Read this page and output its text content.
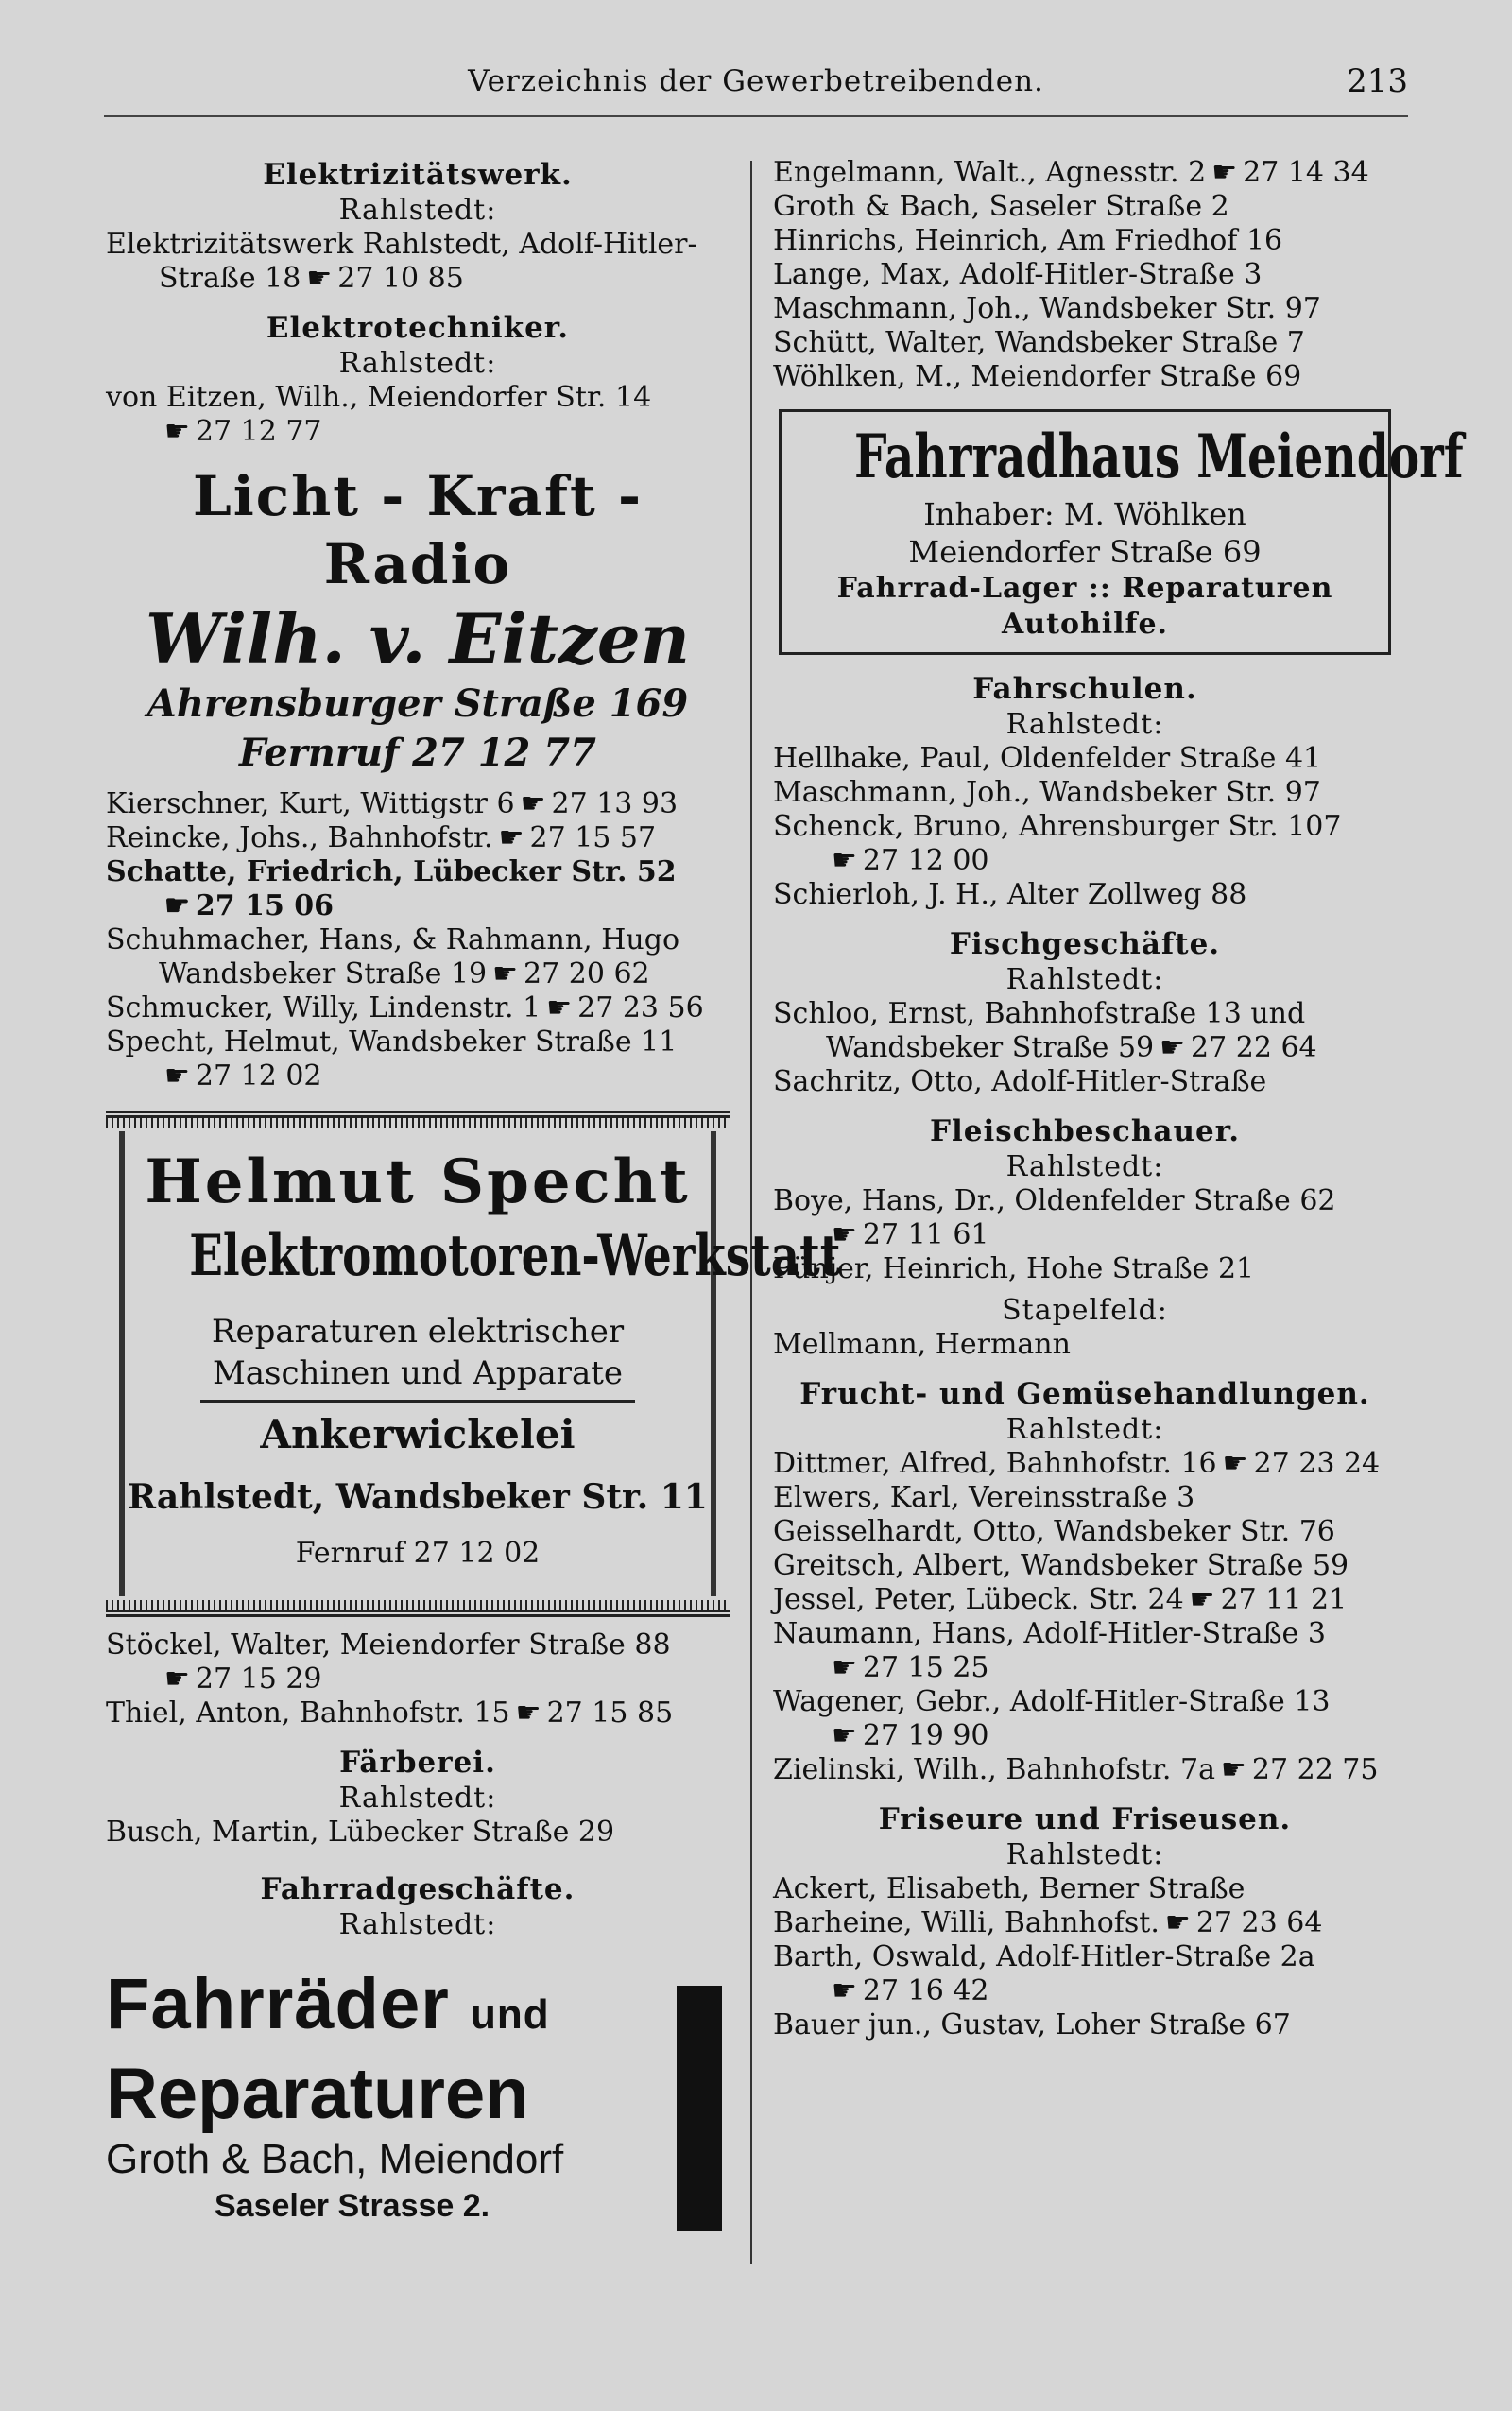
Verzeichnis der Gewerbetreibenden.	213
Elektrizitätswerk.
Rahlstedt:
Elektrizitätswerk Rahlstedt, Adolf-Hitler-
Straße 18 ☛ 27 10 85
Elektrotechniker.
Rahlstedt:
von Eitzen, Wilh., Meiendorfer Str. 14
☛ 27 12 77
Licht - Kraft - Radio
Wilh. v. Eitzen
Ahrensburger Straße 169
Fernruf 27 12 77
Kierschner, Kurt, Wittigstr 6 ☛ 27 13 93
Reincke, Johs., Bahnhofstr. ☛ 27 15 57
Schatte, Friedrich, Lübecker Str. 52
☛ 27 15 06
Schuhmacher, Hans, & Rahmann, Hugo
Wandsbeker Straße 19 ☛ 27 20 62
Schmucker, Willy, Lindenstr. 1 ☛ 27 23 56
Specht, Helmut, Wandsbeker Straße 11
☛ 27 12 02
Helmut Specht
Elektromotoren-Werkstatt
Reparaturen elektrischer
Maschinen und Apparate
Ankerwickelei
Rahlstedt, Wandsbeker Str. 11
Fernruf 27 12 02
Stöckel, Walter, Meiendorfer Straße 88
☛ 27 15 29
Thiel, Anton, Bahnhofstr. 15 ☛ 27 15 85
Färberei.
Rahlstedt:
Busch, Martin, Lübecker Straße 29
Fahrradgeschäfte.
Rahlstedt:
Fahrräder und
Reparaturen
Groth & Bach, Meiendorf
Saseler Strasse 2.
Engelmann, Walt., Agnesstr. 2 ☛ 27 14 34
Groth & Bach, Saseler Straße 2
Hinrichs, Heinrich, Am Friedhof 16
Lange, Max, Adolf-Hitler-Straße 3
Maschmann, Joh., Wandsbeker Str. 97
Schütt, Walter, Wandsbeker Straße 7
Wöhlken, M., Meiendorfer Straße 69
Fahrradhaus Meiendorf
Inhaber: M. Wöhlken
Meiendorfer Straße 69
Fahrrad-Lager :: Reparaturen
Autohilfe.
Fahrschulen.
Rahlstedt:
Hellhake, Paul, Oldenfelder Straße 41
Maschmann, Joh., Wandsbeker Str. 97
Schenck, Bruno, Ahrensburger Str. 107
☛ 27 12 00
Schierloh, J. H., Alter Zollweg 88
Fischgeschäfte.
Rahlstedt:
Schloo, Ernst, Bahnhofstraße 13 und
Wandsbeker Straße 59 ☛ 27 22 64
Sachritz, Otto, Adolf-Hitler-Straße
Fleischbeschauer.
Rahlstedt:
Boye, Hans, Dr., Oldenfelder Straße 62
☛ 27 11 61
Pünjer, Heinrich, Hohe Straße 21
Stapelfeld:
Mellmann, Hermann
Frucht- und Gemüsehandlungen.
Rahlstedt:
Dittmer, Alfred, Bahnhofstr. 16 ☛ 27 23 24
Elwers, Karl, Vereinsstraße 3
Geisselhardt, Otto, Wandsbeker Str. 76
Greitsch, Albert, Wandsbeker Straße 59
Jessel, Peter, Lübeck. Str. 24 ☛ 27 11 21
Naumann, Hans, Adolf-Hitler-Straße 3
☛ 27 15 25
Wagener, Gebr., Adolf-Hitler-Straße 13
☛ 27 19 90
Zielinski, Wilh., Bahnhofstr. 7a ☛ 27 22 75
Friseure und Friseusen.
Rahlstedt:
Ackert, Elisabeth, Berner Straße
Barheine, Willi, Bahnhofst. ☛ 27 23 64
Barth, Oswald, Adolf-Hitler-Straße 2a
☛ 27 16 42
Bauer jun., Gustav, Loher Straße 67
